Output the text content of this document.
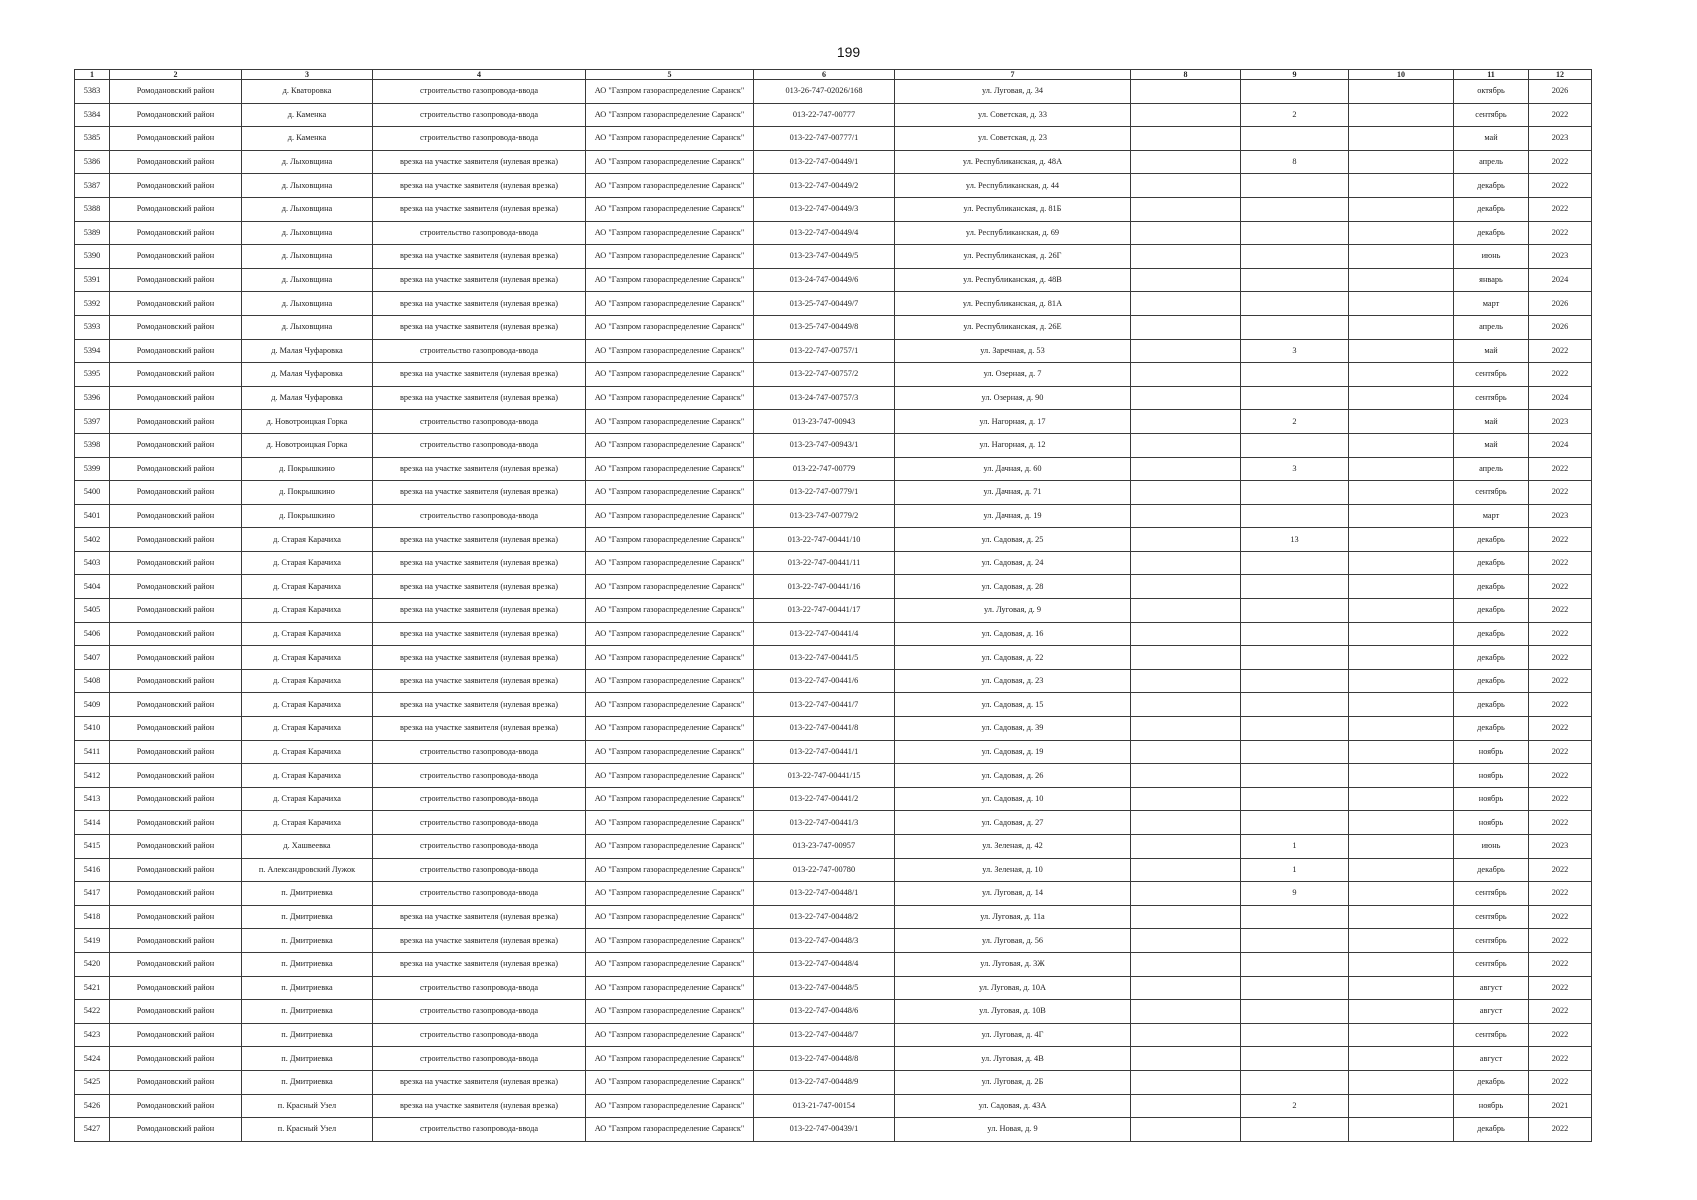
199
1	2	3	4	5	6	7	8	9	10	11	12
5383	Ромодановский район	д. Кваторовка	строительство газопровода-ввода	АО "Газпром газораспределение Саранск"	013-26-747-02026/168	ул. Луговая, д. 34				октябрь	2026
5384	Ромодановский район	д. Каменка	строительство газопровода-ввода	АО "Газпром газораспределение Саранск"	013-22-747-00777	ул. Советская, д. 33		2		сентябрь	2022
5385	Ромодановский район	д. Каменка	строительство газопровода-ввода	АО "Газпром газораспределение Саранск"	013-22-747-00777/1	ул. Советская, д. 23				май	2023
5386	Ромодановский район	д. Лыховщина	врезка на участке заявителя (нулевая врезка)	АО "Газпром газораспределение Саранск"	013-22-747-00449/1	ул. Республиканская, д. 48А		8		апрель	2022
5387	Ромодановский район	д. Лыховщина	врезка на участке заявителя (нулевая врезка)	АО "Газпром газораспределение Саранск"	013-22-747-00449/2	ул. Республиканская, д. 44				декабрь	2022
5388	Ромодановский район	д. Лыховщина	врезка на участке заявителя (нулевая врезка)	АО "Газпром газораспределение Саранск"	013-22-747-00449/3	ул. Республиканская, д. 81Б				декабрь	2022
5389	Ромодановский район	д. Лыховщина	строительство газопровода-ввода	АО "Газпром газораспределение Саранск"	013-22-747-00449/4	ул. Республиканская, д. 69				декабрь	2022
5390	Ромодановский район	д. Лыховщина	врезка на участке заявителя (нулевая врезка)	АО "Газпром газораспределение Саранск"	013-23-747-00449/5	ул. Республиканская, д. 26Г				июнь	2023
5391	Ромодановский район	д. Лыховщина	врезка на участке заявителя (нулевая врезка)	АО "Газпром газораспределение Саранск"	013-24-747-00449/6	ул. Республиканская, д. 48В				январь	2024
5392	Ромодановский район	д. Лыховщина	врезка на участке заявителя (нулевая врезка)	АО "Газпром газораспределение Саранск"	013-25-747-00449/7	ул. Республиканская, д. 81А				март	2026
5393	Ромодановский район	д. Лыховщина	врезка на участке заявителя (нулевая врезка)	АО "Газпром газораспределение Саранск"	013-25-747-00449/8	ул. Республиканская, д. 26Е				апрель	2026
5394	Ромодановский район	д. Малая Чуфаровка	строительство газопровода-ввода	АО "Газпром газораспределение Саранск"	013-22-747-00757/1	ул. Заречная, д. 53		3		май	2022
5395	Ромодановский район	д. Малая Чуфаровка	врезка на участке заявителя (нулевая врезка)	АО "Газпром газораспределение Саранск"	013-22-747-00757/2	ул. Озерная, д. 7				сентябрь	2022
5396	Ромодановский район	д. Малая Чуфаровка	врезка на участке заявителя (нулевая врезка)	АО "Газпром газораспределение Саранск"	013-24-747-00757/3	ул. Озерная, д. 90				сентябрь	2024
5397	Ромодановский район	д. Новотроицкая Горка	строительство газопровода-ввода	АО "Газпром газораспределение Саранск"	013-23-747-00943	ул. Нагорная, д. 17		2		май	2023
5398	Ромодановский район	д. Новотроицкая Горка	строительство газопровода-ввода	АО "Газпром газораспределение Саранск"	013-23-747-00943/1	ул. Нагорная, д. 12				май	2024
5399	Ромодановский район	д. Покрышкино	врезка на участке заявителя (нулевая врезка)	АО "Газпром газораспределение Саранск"	013-22-747-00779	ул. Дачная, д. 60		3		апрель	2022
5400	Ромодановский район	д. Покрышкино	врезка на участке заявителя (нулевая врезка)	АО "Газпром газораспределение Саранск"	013-22-747-00779/1	ул. Дачная, д. 71				сентябрь	2022
5401	Ромодановский район	д. Покрышкино	строительство газопровода-ввода	АО "Газпром газораспределение Саранск"	013-23-747-00779/2	ул. Дачная, д. 19				март	2023
5402	Ромодановский район	д. Старая Карачиха	врезка на участке заявителя (нулевая врезка)	АО "Газпром газораспределение Саранск"	013-22-747-00441/10	ул. Садовая, д. 25		13		декабрь	2022
5403	Ромодановский район	д. Старая Карачиха	врезка на участке заявителя (нулевая врезка)	АО "Газпром газораспределение Саранск"	013-22-747-00441/11	ул. Садовая, д. 24				декабрь	2022
5404	Ромодановский район	д. Старая Карачиха	врезка на участке заявителя (нулевая врезка)	АО "Газпром газораспределение Саранск"	013-22-747-00441/16	ул. Садовая, д. 28				декабрь	2022
5405	Ромодановский район	д. Старая Карачиха	врезка на участке заявителя (нулевая врезка)	АО "Газпром газораспределение Саранск"	013-22-747-00441/17	ул. Луговая, д. 9				декабрь	2022
5406	Ромодановский район	д. Старая Карачиха	врезка на участке заявителя (нулевая врезка)	АО "Газпром газораспределение Саранск"	013-22-747-00441/4	ул. Садовая, д. 16				декабрь	2022
5407	Ромодановский район	д. Старая Карачиха	врезка на участке заявителя (нулевая врезка)	АО "Газпром газораспределение Саранск"	013-22-747-00441/5	ул. Садовая, д. 22				декабрь	2022
5408	Ромодановский район	д. Старая Карачиха	врезка на участке заявителя (нулевая врезка)	АО "Газпром газораспределение Саранск"	013-22-747-00441/6	ул. Садовая, д. 23				декабрь	2022
5409	Ромодановский район	д. Старая Карачиха	врезка на участке заявителя (нулевая врезка)	АО "Газпром газораспределение Саранск"	013-22-747-00441/7	ул. Садовая, д. 15				декабрь	2022
5410	Ромодановский район	д. Старая Карачиха	врезка на участке заявителя (нулевая врезка)	АО "Газпром газораспределение Саранск"	013-22-747-00441/8	ул. Садовая, д. 39				декабрь	2022
5411	Ромодановский район	д. Старая Карачиха	строительство газопровода-ввода	АО "Газпром газораспределение Саранск"	013-22-747-00441/1	ул. Садовая, д. 19				ноябрь	2022
5412	Ромодановский район	д. Старая Карачиха	строительство газопровода-ввода	АО "Газпром газораспределение Саранск"	013-22-747-00441/15	ул. Садовая, д. 26				ноябрь	2022
5413	Ромодановский район	д. Старая Карачиха	строительство газопровода-ввода	АО "Газпром газораспределение Саранск"	013-22-747-00441/2	ул. Садовая, д. 10				ноябрь	2022
5414	Ромодановский район	д. Старая Карачиха	строительство газопровода-ввода	АО "Газпром газораспределение Саранск"	013-22-747-00441/3	ул. Садовая, д. 27				ноябрь	2022
5415	Ромодановский район	д. Хашвеевка	строительство газопровода-ввода	АО "Газпром газораспределение Саранск"	013-23-747-00957	ул. Зеленая, д. 42		1		июнь	2023
5416	Ромодановский район	п. Александровский Лужок	строительство газопровода-ввода	АО "Газпром газораспределение Саранск"	013-22-747-00780	ул. Зеленая, д. 10		1		декабрь	2022
5417	Ромодановский район	п. Дмитриевка	строительство газопровода-ввода	АО "Газпром газораспределение Саранск"	013-22-747-00448/1	ул. Луговая, д. 14		9		сентябрь	2022
5418	Ромодановский район	п. Дмитриевка	врезка на участке заявителя (нулевая врезка)	АО "Газпром газораспределение Саранск"	013-22-747-00448/2	ул. Луговая, д. 11а				сентябрь	2022
5419	Ромодановский район	п. Дмитриевка	врезка на участке заявителя (нулевая врезка)	АО "Газпром газораспределение Саранск"	013-22-747-00448/3	ул. Луговая, д. 56				сентябрь	2022
5420	Ромодановский район	п. Дмитриевка	врезка на участке заявителя (нулевая врезка)	АО "Газпром газораспределение Саранск"	013-22-747-00448/4	ул. Луговая, д. 3Ж				сентябрь	2022
5421	Ромодановский район	п. Дмитриевка	строительство газопровода-ввода	АО "Газпром газораспределение Саранск"	013-22-747-00448/5	ул. Луговая, д. 10А				август	2022
5422	Ромодановский район	п. Дмитриевка	строительство газопровода-ввода	АО "Газпром газораспределение Саранск"	013-22-747-00448/6	ул. Луговая, д. 10В				август	2022
5423	Ромодановский район	п. Дмитриевка	строительство газопровода-ввода	АО "Газпром газораспределение Саранск"	013-22-747-00448/7	ул. Луговая, д. 4Г				сентябрь	2022
5424	Ромодановский район	п. Дмитриевка	строительство газопровода-ввода	АО "Газпром газораспределение Саранск"	013-22-747-00448/8	ул. Луговая, д. 4В				август	2022
5425	Ромодановский район	п. Дмитриевка	врезка на участке заявителя (нулевая врезка)	АО "Газпром газораспределение Саранск"	013-22-747-00448/9	ул. Луговая, д. 2Б				декабрь	2022
5426	Ромодановский район	п. Красный Узел	врезка на участке заявителя (нулевая врезка)	АО "Газпром газораспределение Саранск"	013-21-747-00154	ул. Садовая, д. 43А		2		ноябрь	2021
5427	Ромодановский район	п. Красный Узел	строительство газопровода-ввода	АО "Газпром газораспределение Саранск"	013-22-747-00439/1	ул. Новая, д. 9				декабрь	2022
